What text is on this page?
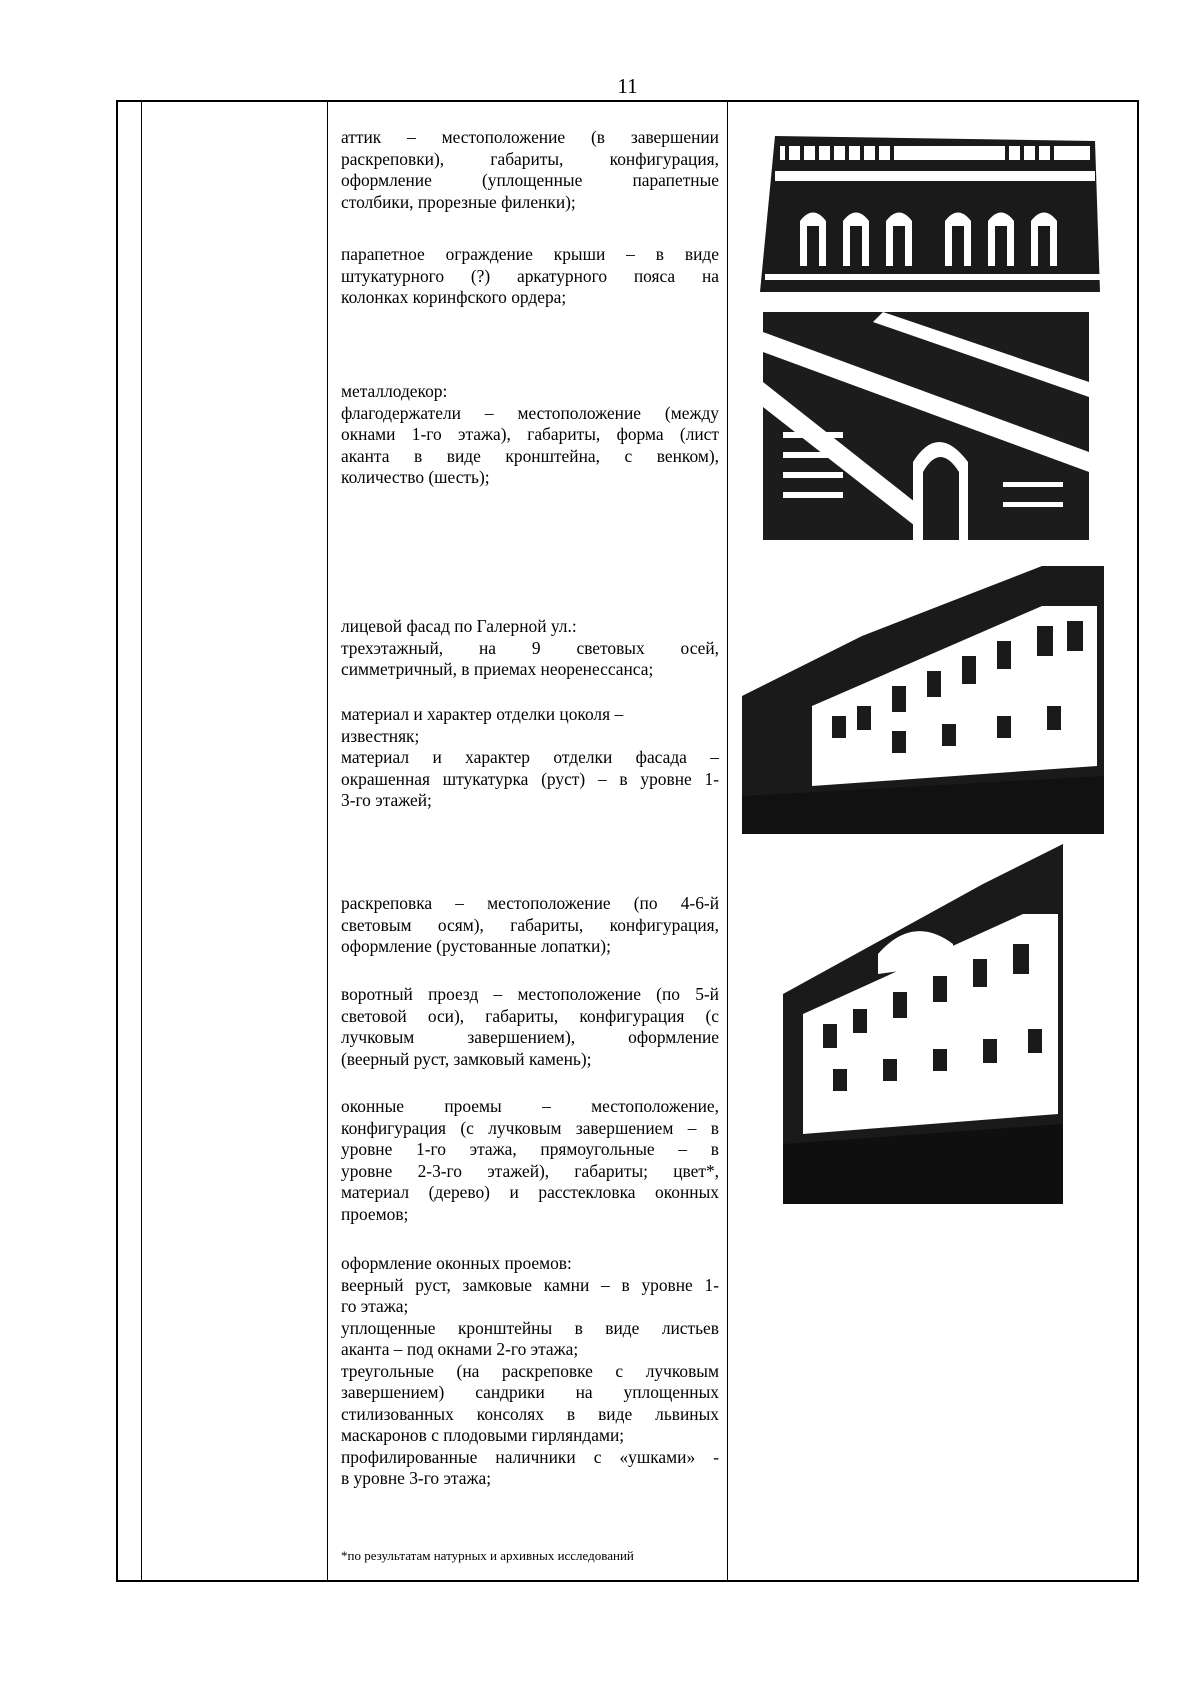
11
аттик – местоположение (в завершении
раскреповки), габариты, конфигурация,
оформление (уплощенные парапетные
столбики, прорезные филенки);
парапетное ограждение крыши – в виде
штукатурного (?) аркатурного пояса на
колонках коринфского ордера;
металлодекор:
флагодержатели – местоположение (между
окнами 1-го этажа), габариты, форма (лист
аканта в виде кронштейна, с венком),
количество (шесть);
лицевой фасад по Галерной ул.:
трехэтажный, на 9 световых осей,
симметричный, в приемах неоренессанса;
материал и характер отделки цоколя –
известняк;
материал и характер отделки фасада –
окрашенная штукатурка (руст) – в уровне 1-
3-го этажей;
раскреповка – местоположение (по 4-6-й
световым осям), габариты, конфигурация,
оформление (рустованные лопатки);
воротный проезд – местоположение (по 5-й
световой оси), габариты, конфигурация (с
лучковым завершением), оформление
(веерный руст, замковый камень);
оконные проемы – местоположение,
конфигурация (с лучковым завершением – в
уровне 1-го этажа, прямоугольные – в
уровне 2-3-го этажей), габариты; цвет*,
материал (дерево) и расстекловка оконных
проемов;
оформление оконных проемов:
веерный руст, замковые камни – в уровне 1-
го этажа;
уплощенные кронштейны в виде листьев
аканта – под окнами 2-го этажа;
треугольные (на раскреповке с лучковым
завершением) сандрики на уплощенных
стилизованных консолях в виде львиных
маскаронов с плодовыми гирляндами;
профилированные наличники с «ушками» -
в уровне 3-го этажа;
*по результатам натурных и архивных исследований
